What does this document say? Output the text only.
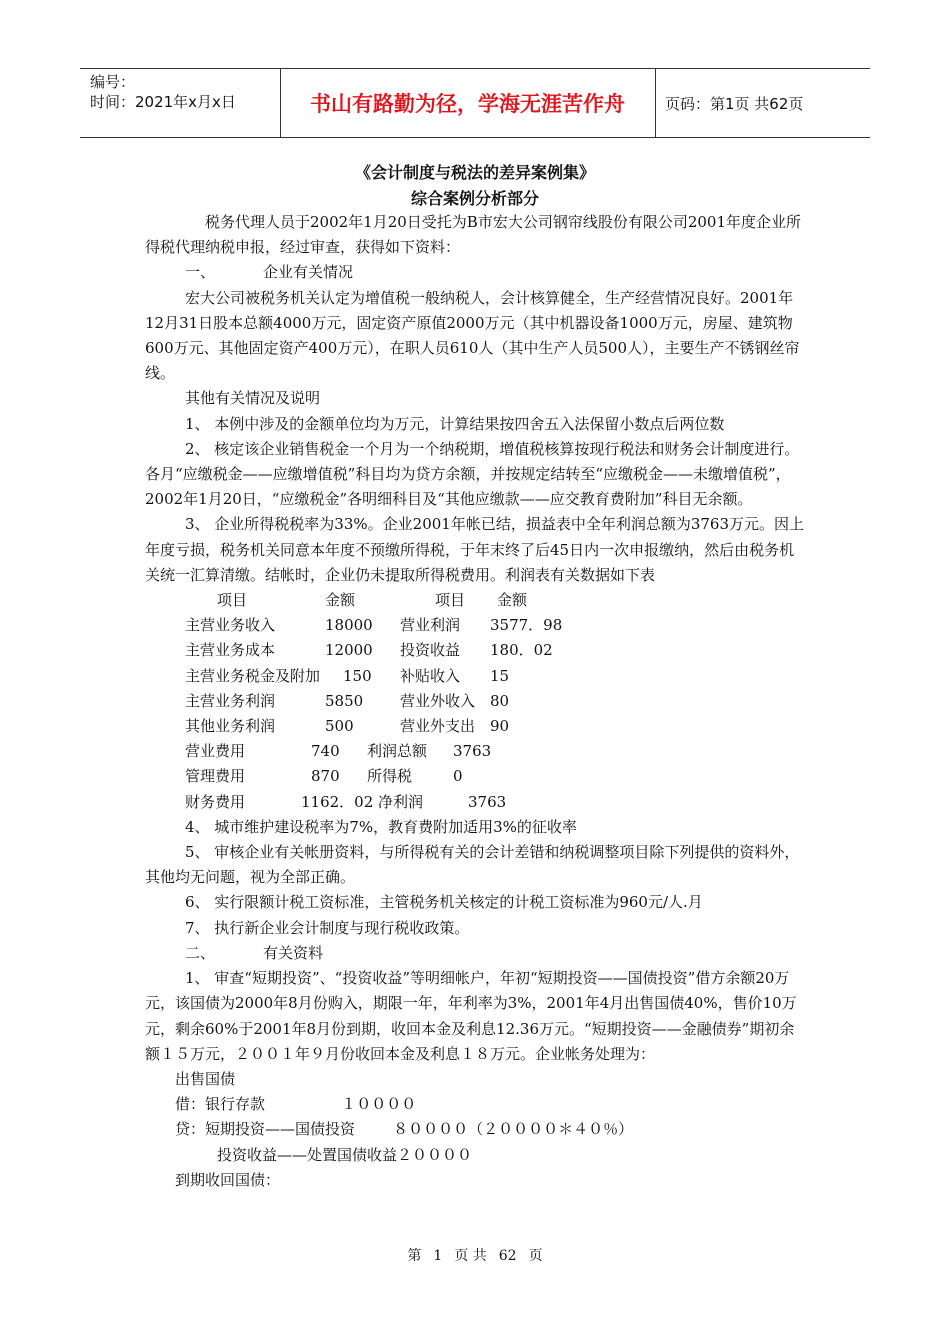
编号：
时间：2021年x月x日	书山有路勤为径，学海无涯苦作舟	页码：第1页 共62页
《会计制度与税法的差异案例集》
综合案例分析部分

税务代理人员于2002年1月20日受托为B市宏大公司钢帘线股份有限公司2001年度企业所得税代理纳税申报，经过审查，获得如下资料：

一、	企业有关情况

宏大公司被税务机关认定为增值税一般纳税人，会计核算健全，生产经营情况良好。2001年12月31日股本总额4000万元，固定资产原值2000万元（其中机器设备1000万元，房屋、建筑物600万元、其他固定资产400万元），在职人员610人（其中生产人员500人），主要生产不锈钢丝帘线。

其他有关情况及说明

1、 本例中涉及的金额单位均为万元，计算结果按四舍五入法保留小数点后两位数

2、 核定该企业销售税金一个月为一个纳税期，增值税核算按现行税法和财务会计制度进行。各月“应缴税金——应缴增值税”科目均为贷方余额，并按规定结转至“应缴税金——未缴增值税”，2002年1月20日，“应缴税金”各明细科目及“其他应缴款——应交教育费附加”科目无余额。

3、 企业所得税税率为33%。企业2001年帐已结，损益表中全年利润总额为3763万元。因上年度亏损，税务机关同意本年度不预缴所得税，于年末终了后45日内一次申报缴纳，然后由税务机关统一汇算清缴。结帐时，企业仍未提取所得税费用。利润表有关数据如下表

项目	金额	项目	金额
主营业务收入	18000	营业利润	3577．98
主营业务成本	12000	投资收益	180．02
主营业务税金及附加	150	补贴收入	15
主营业务利润	5850	营业外收入 80
其他业务利润	500	营业外支出 90
营业费用	740	利润总额	3763
管理费用	870	所得税	0
财务费用	1162．02 净利润	3763

4、 城市维护建设税率为7%，教育费附加适用3%的征收率

5、 审核企业有关帐册资料，与所得税有关的会计差错和纳税调整项目除下列提供的资料外，其他均无问题，视为全部正确。

6、 实行限额计税工资标准，主管税务机关核定的计税工资标准为960元/人.月

7、 执行新企业会计制度与现行税收政策。

二、	有关资料

1、 审查“短期投资”、“投资收益”等明细帐户，年初“短期投资——国债投资”借方余额20万元，该国债为2000年8月份购入，期限一年，年利率为3%，2001年4月出售国债40%，售价10万元，剩余60%于2001年8月份到期，收回本金及利息12.36万元。“短期投资——金融债券”期初余额１５万元，２００１年９月份收回本金及利息１８万元。企业帐务处理为：

出售国债

借：银行存款                １００００

贷：短期投资——国债投资        ８００００（２００００＊４０％）

投资收益——处置国债收益２００００

到期收回国债：

第 1 页 共 62 页
